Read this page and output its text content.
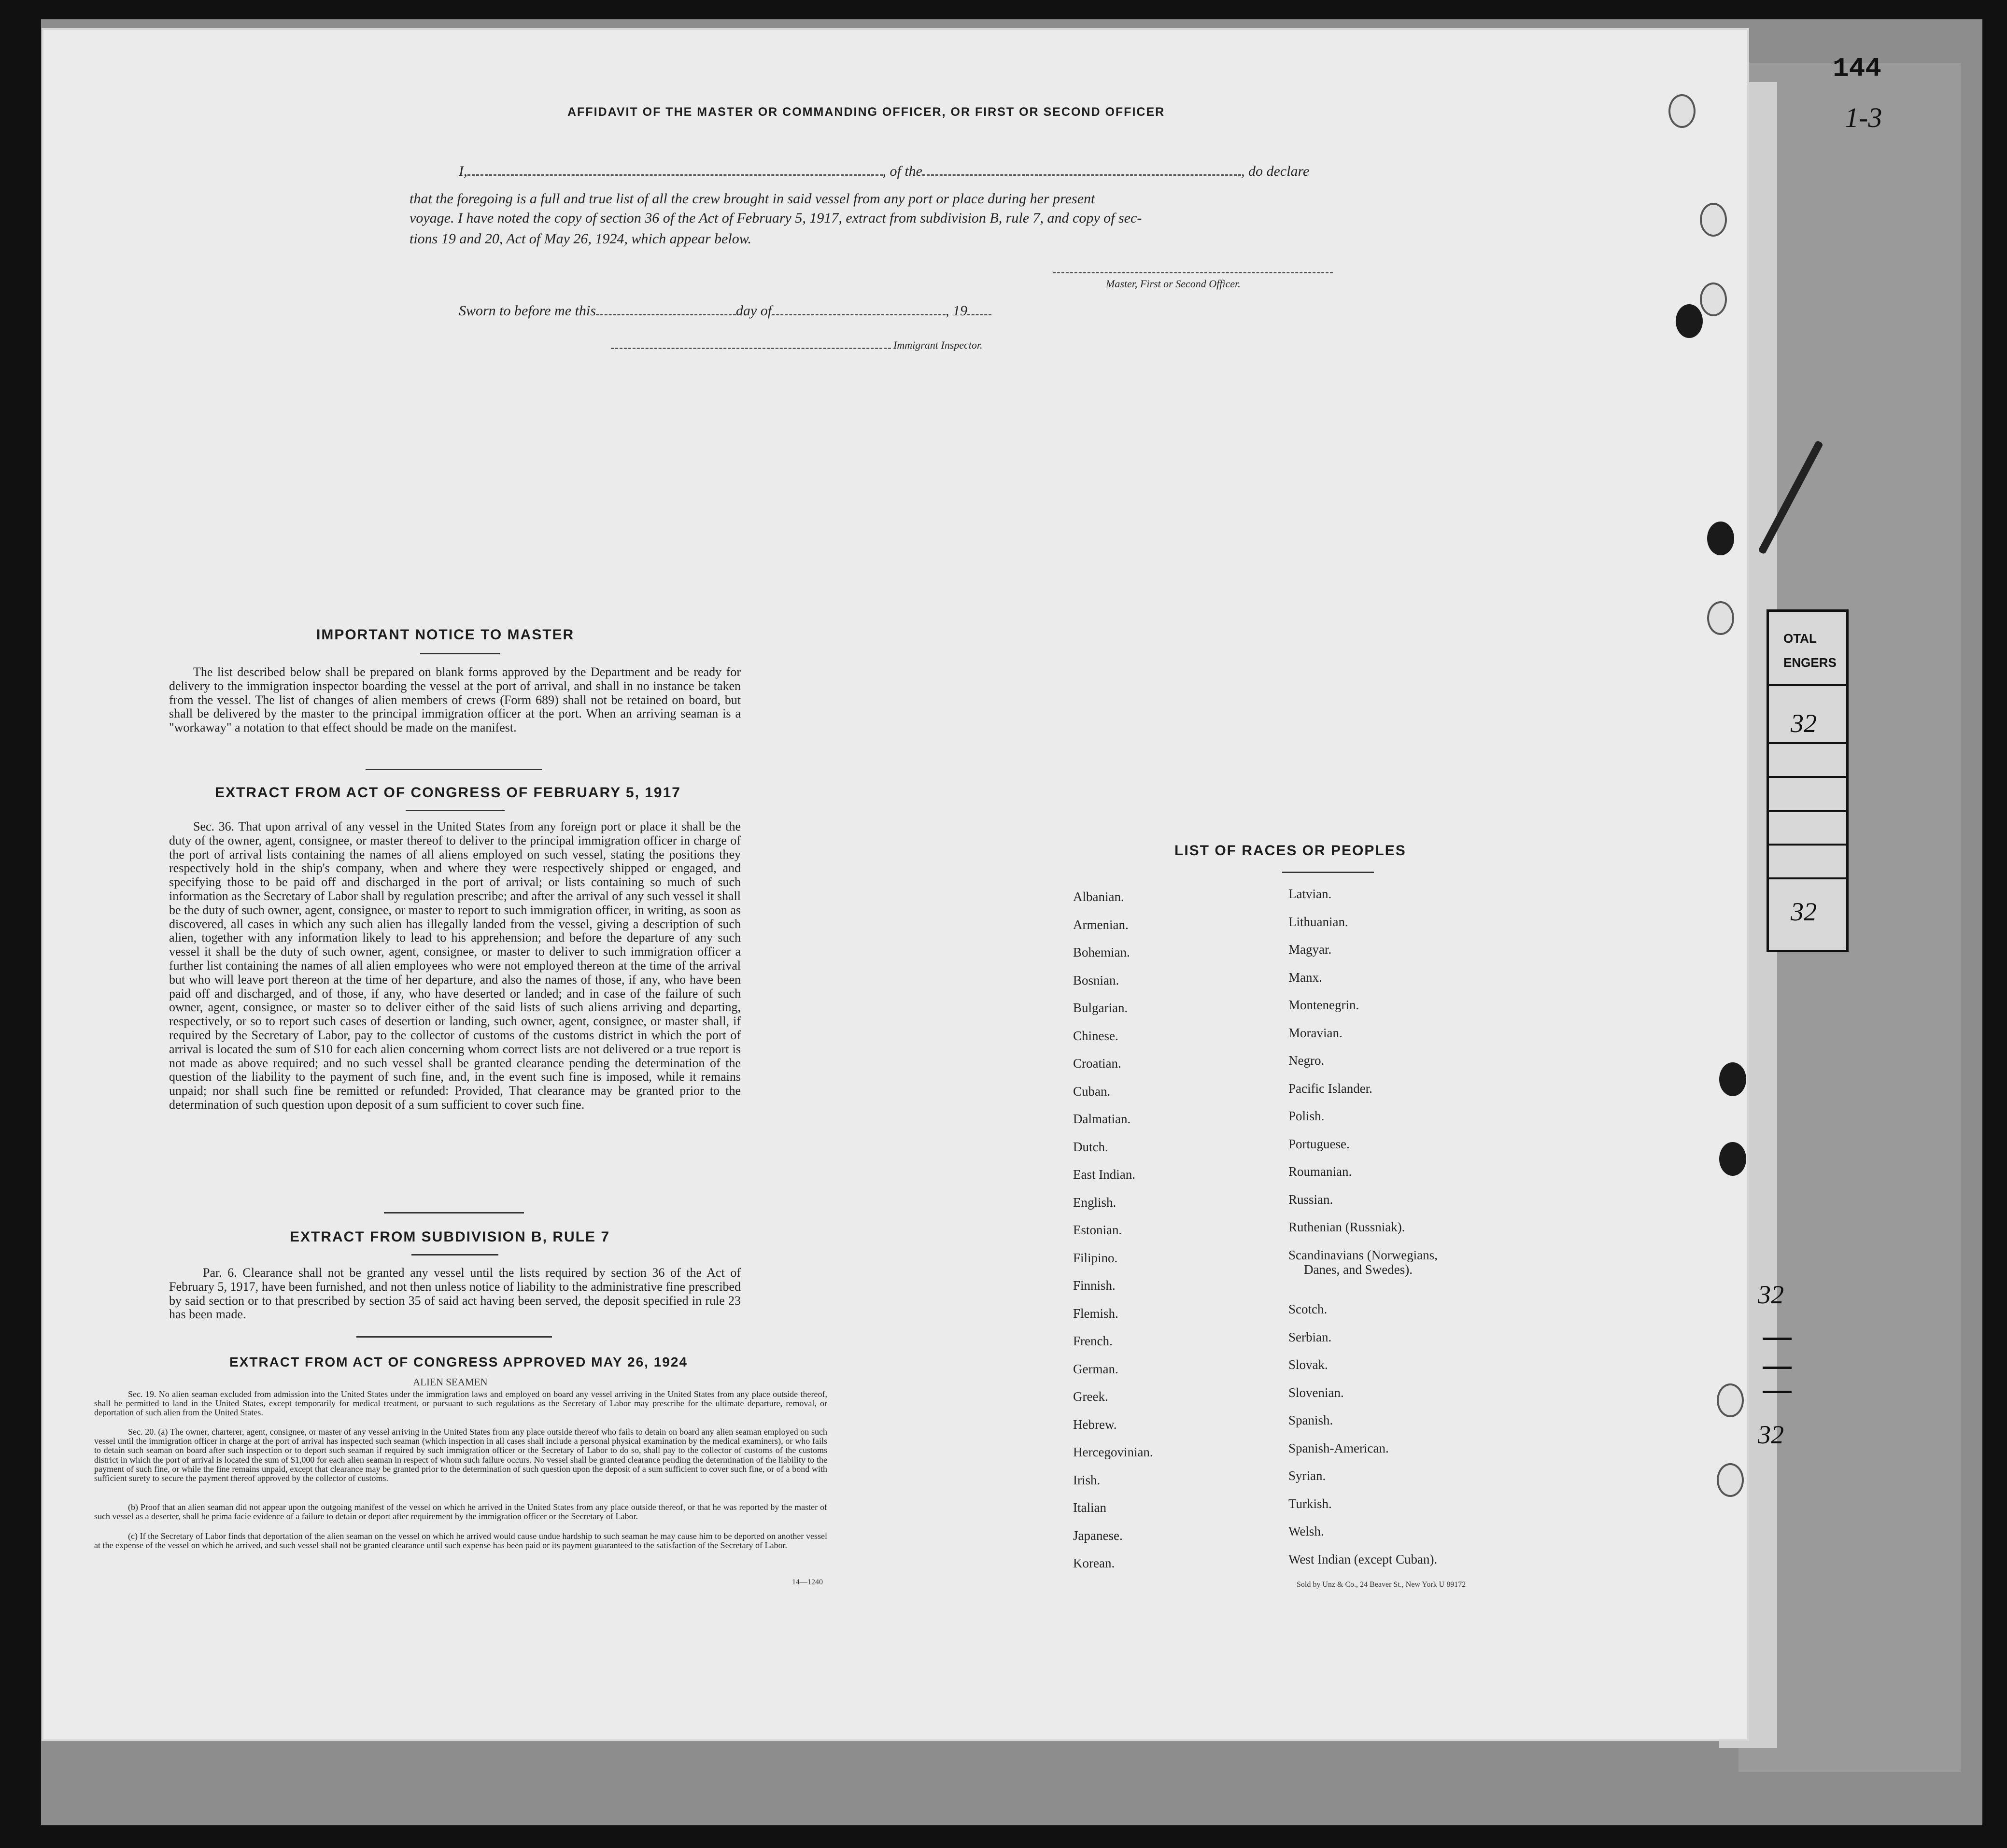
OTAL
ENGERS
32
32
32
32
144
1-3
AFFIDAVIT OF THE MASTER OR COMMANDING OFFICER, OR FIRST OR SECOND OFFICER
I,	, of the	, do declare
that the foregoing is a full and true list of all the crew brought in said vessel from any port or place during her present
voyage. I have noted the copy of section 36 of the Act of February 5, 1917, extract from subdivision B, rule 7, and copy of sec-
tions 19 and 20, Act of May 26, 1924, which appear below.
Master, First or Second Officer.
Sworn to before me this	day of	, 19
Immigrant Inspector.
IMPORTANT NOTICE TO MASTER
The list described below shall be prepared on blank forms approved by the Department and be ready for delivery to the immigration inspector boarding the vessel at the port of arrival, and shall in no instance be taken from the vessel. The list of changes of alien members of crews (Form 689) shall not be retained on board, but shall be delivered by the master to the principal immigration officer at the port. When an arriving seaman is a "workaway" a notation to that effect should be made on the manifest.
EXTRACT FROM ACT OF CONGRESS OF FEBRUARY 5, 1917
Sec. 36. That upon arrival of any vessel in the United States from any foreign port or place it shall be the duty of the owner, agent, consignee, or master thereof to deliver to the principal immigration officer in charge of the port of arrival lists containing the names of all aliens employed on such vessel, stating the positions they respectively hold in the ship's company, when and where they were respectively shipped or engaged, and specifying those to be paid off and discharged in the port of arrival; or lists containing so much of such information as the Secretary of Labor shall by regulation prescribe; and after the arrival of any such vessel it shall be the duty of such owner, agent, consignee, or master to report to such immigration officer, in writing, as soon as discovered, all cases in which any such alien has illegally landed from the vessel, giving a description of such alien, together with any information likely to lead to his apprehension; and before the departure of any such vessel it shall be the duty of such owner, agent, consignee, or master to deliver to such immigration officer a further list containing the names of all alien employees who were not employed thereon at the time of the arrival but who will leave port thereon at the time of her departure, and also the names of those, if any, who have been paid off and discharged, and of those, if any, who have deserted or landed; and in case of the failure of such owner, agent, consignee, or master so to deliver either of the said lists of such aliens arriving and departing, respectively, or so to report such cases of desertion or landing, such owner, agent, consignee, or master shall, if required by the Secretary of Labor, pay to the collector of customs of the customs district in which the port of arrival is located the sum of $10 for each alien concerning whom correct lists are not delivered or a true report is not made as above required; and no such vessel shall be granted clearance pending the determination of the question of the liability to the payment of such fine, and, in the event such fine is imposed, while it remains unpaid; nor shall such fine be remitted or refunded: Provided, That clearance may be granted prior to the determination of such question upon deposit of a sum sufficient to cover such fine.
EXTRACT FROM SUBDIVISION B, RULE 7
Par. 6. Clearance shall not be granted any vessel until the lists required by section 36 of the Act of February 5, 1917, have been furnished, and not then unless notice of liability to the administrative fine prescribed by said section or to that prescribed by section 35 of said act having been served, the deposit specified in rule 23 has been made.
EXTRACT FROM ACT OF CONGRESS APPROVED MAY 26, 1924
ALIEN SEAMEN
Sec. 19. No alien seaman excluded from admission into the United States under the immigration laws and employed on board any vessel arriving in the United States from any place outside thereof, shall be permitted to land in the United States, except temporarily for medical treatment, or pursuant to such regulations as the Secretary of Labor may prescribe for the ultimate departure, removal, or deportation of such alien from the United States.
Sec. 20. (a) The owner, charterer, agent, consignee, or master of any vessel arriving in the United States from any place outside thereof who fails to detain on board any alien seaman employed on such vessel until the immigration officer in charge at the port of arrival has inspected such seaman (which inspection in all cases shall include a personal physical examination by the medical examiners), or who fails to detain such seaman on board after such inspection or to deport such seaman if required by such immigration officer or the Secretary of Labor to do so, shall pay to the collector of customs of the customs district in which the port of arrival is located the sum of $1,000 for each alien seaman in respect of whom such failure occurs. No vessel shall be granted clearance pending the determination of the liability to the payment of such fine, or while the fine remains unpaid, except that clearance may be granted prior to the determination of such question upon the deposit of a sum sufficient to cover such fine, or of a bond with sufficient surety to secure the payment thereof approved by the collector of customs.
(b) Proof that an alien seaman did not appear upon the outgoing manifest of the vessel on which he arrived in the United States from any place outside thereof, or that he was reported by the master of such vessel as a deserter, shall be prima facie evidence of a failure to detain or deport after requirement by the immigration officer or the Secretary of Labor.
(c) If the Secretary of Labor finds that deportation of the alien seaman on the vessel on which he arrived would cause undue hardship to such seaman he may cause him to be deported on another vessel at the expense of the vessel on which he arrived, and such vessel shall not be granted clearance until such expense has been paid or its payment guaranteed to the satisfaction of the Secretary of Labor.
14—1240
LIST OF RACES OR PEOPLES
Albanian.
Armenian.
Bohemian.
Bosnian.
Bulgarian.
Chinese.
Croatian.
Cuban.
Dalmatian.
Dutch.
East Indian.
English.
Estonian.
Filipino.
Finnish.
Flemish.
French.
German.
Greek.
Hebrew.
Hercegovinian.
Irish.
Italian
Japanese.
Korean.
Latvian.
Lithuanian.
Magyar.
Manx.
Montenegrin.
Moravian.
Negro.
Pacific Islander.
Polish.
Portuguese.
Roumanian.
Russian.
Ruthenian (Russniak).
Scandinavians (Norwegians,
Danes, and Swedes).
Scotch.
Serbian.
Slovak.
Slovenian.
Spanish.
Spanish-American.
Syrian.
Turkish.
Welsh.
West Indian (except Cuban).
Sold by Unz & Co., 24 Beaver St., New York U 89172
